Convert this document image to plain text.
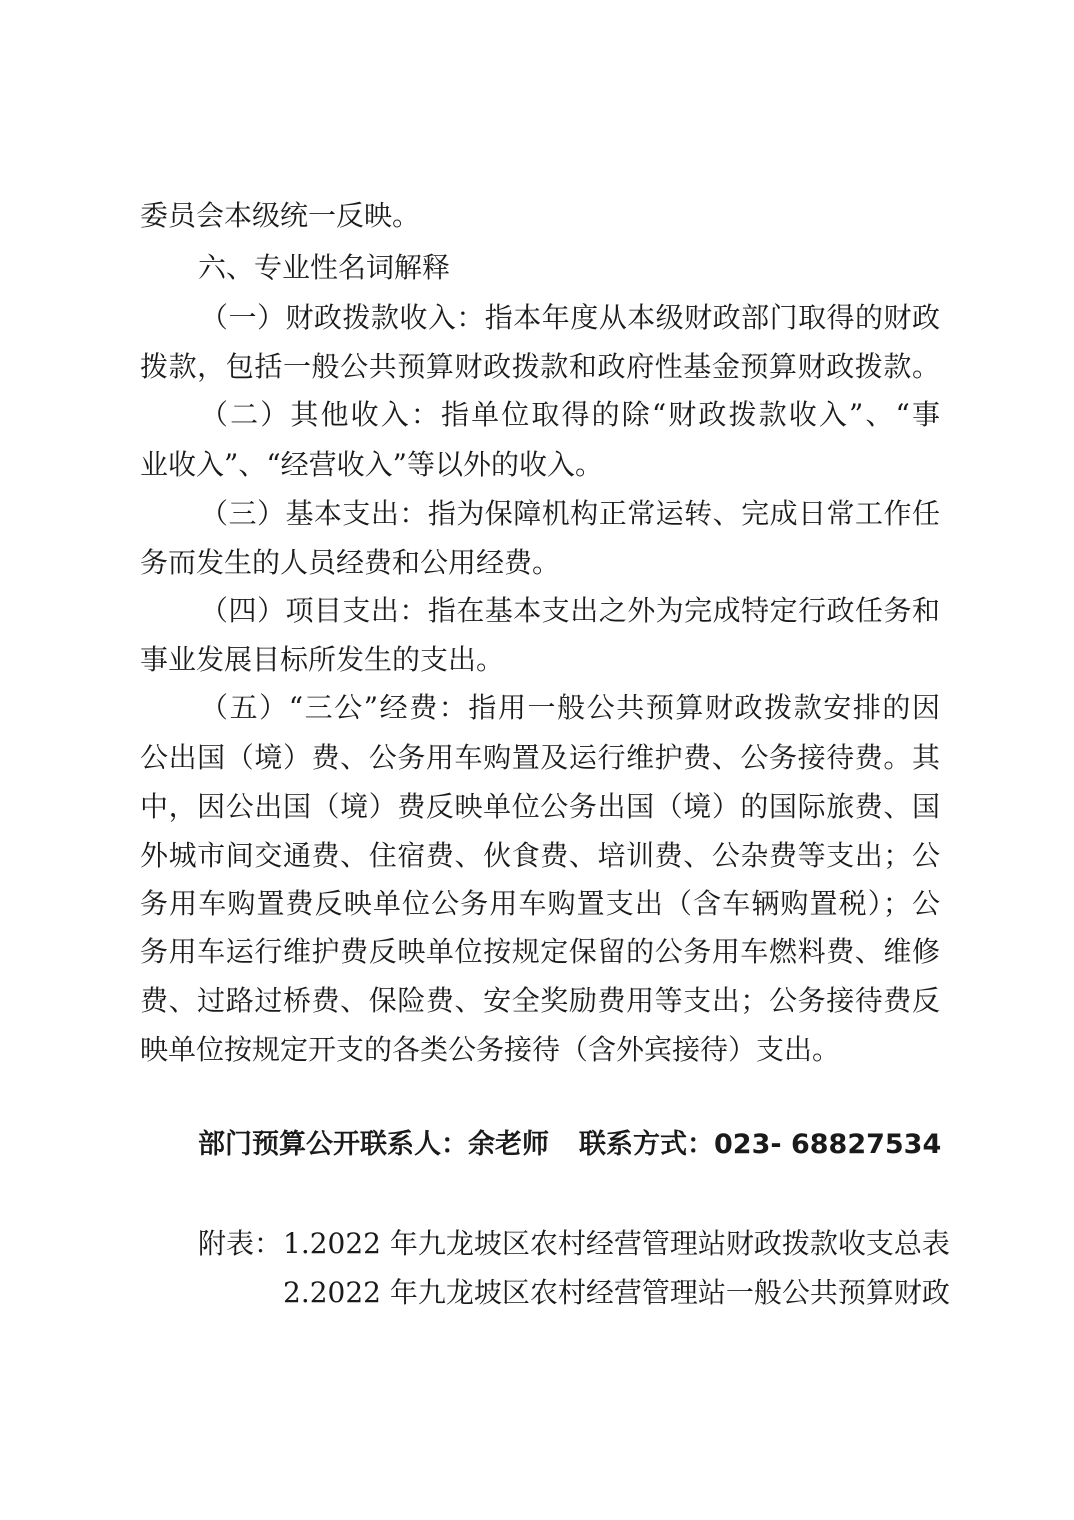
委员会本级统一反映。
六、专业性名词解释
（一）财政拨款收入：指本年度从本级财政部门取得的财政
拨款，包括一般公共预算财政拨款和政府性基金预算财政拨款。
（二）其他收入：指单位取得的除“财政拨款收入”、“事
业收入”、“经营收入”等以外的收入。
（三）基本支出：指为保障机构正常运转、完成日常工作任
务而发生的人员经费和公用经费。
（四）项目支出：指在基本支出之外为完成特定行政任务和
事业发展目标所发生的支出。
（五）“三公”经费：指用一般公共预算财政拨款安排的因
公出国（境）费、公务用车购置及运行维护费、公务接待费。其
中，因公出国（境）费反映单位公务出国（境）的国际旅费、国
外城市间交通费、住宿费、伙食费、培训费、公杂费等支出；公
务用车购置费反映单位公务用车购置支出（含车辆购置税）；公
务用车运行维护费反映单位按规定保留的公务用车燃料费、维修
费、过路过桥费、保险费、安全奖励费用等支出；公务接待费反
映单位按规定开支的各类公务接待（含外宾接待）支出。
部门预算公开联系人：余老师 联系方式：023- 68827534
附表： 1.2022 年九龙坡区农村经营管理站财政拨款收支总表
2.2022 年九龙坡区农村经营管理站一般公共预算财政
